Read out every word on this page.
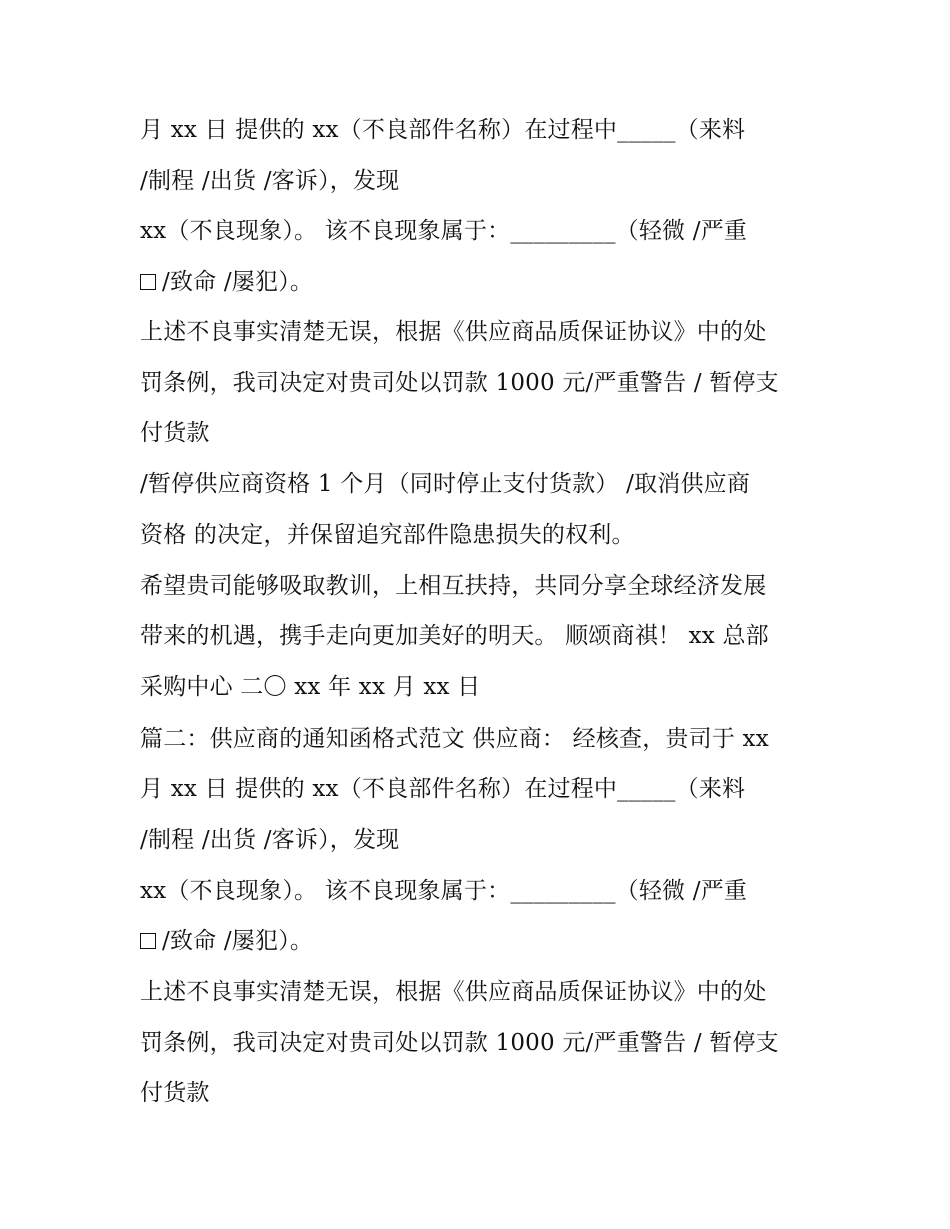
月 xx 日 提供的 xx（不良部件名称）在过程中_____（来料
/制程 /出货 /客诉），发现
xx（不良现象）。 该不良现象属于：_________（轻微 /严重
/致命 /屡犯）。
上述不良事实清楚无误，根据《供应商品质保证协议》中的处
罚条例，我司决定对贵司处以罚款 1000 元/严重警告 / 暂停支
付货款
/暂停供应商资格 1 个月（同时停止支付货款） /取消供应商
资格 的决定，并保留追究部件隐患损失的权利。
希望贵司能够吸取教训，上相互扶持，共同分享全球经济发展
带来的机遇，携手走向更加美好的明天。 顺颂商祺！ xx 总部
采购中心 二〇 xx 年 xx 月 xx 日
篇二：供应商的通知函格式范文 供应商： 经核查，贵司于 xx
月 xx 日 提供的 xx（不良部件名称）在过程中_____（来料
/制程 /出货 /客诉），发现
xx（不良现象）。 该不良现象属于：_________（轻微 /严重
/致命 /屡犯）。
上述不良事实清楚无误，根据《供应商品质保证协议》中的处
罚条例，我司决定对贵司处以罚款 1000 元/严重警告 / 暂停支
付货款
